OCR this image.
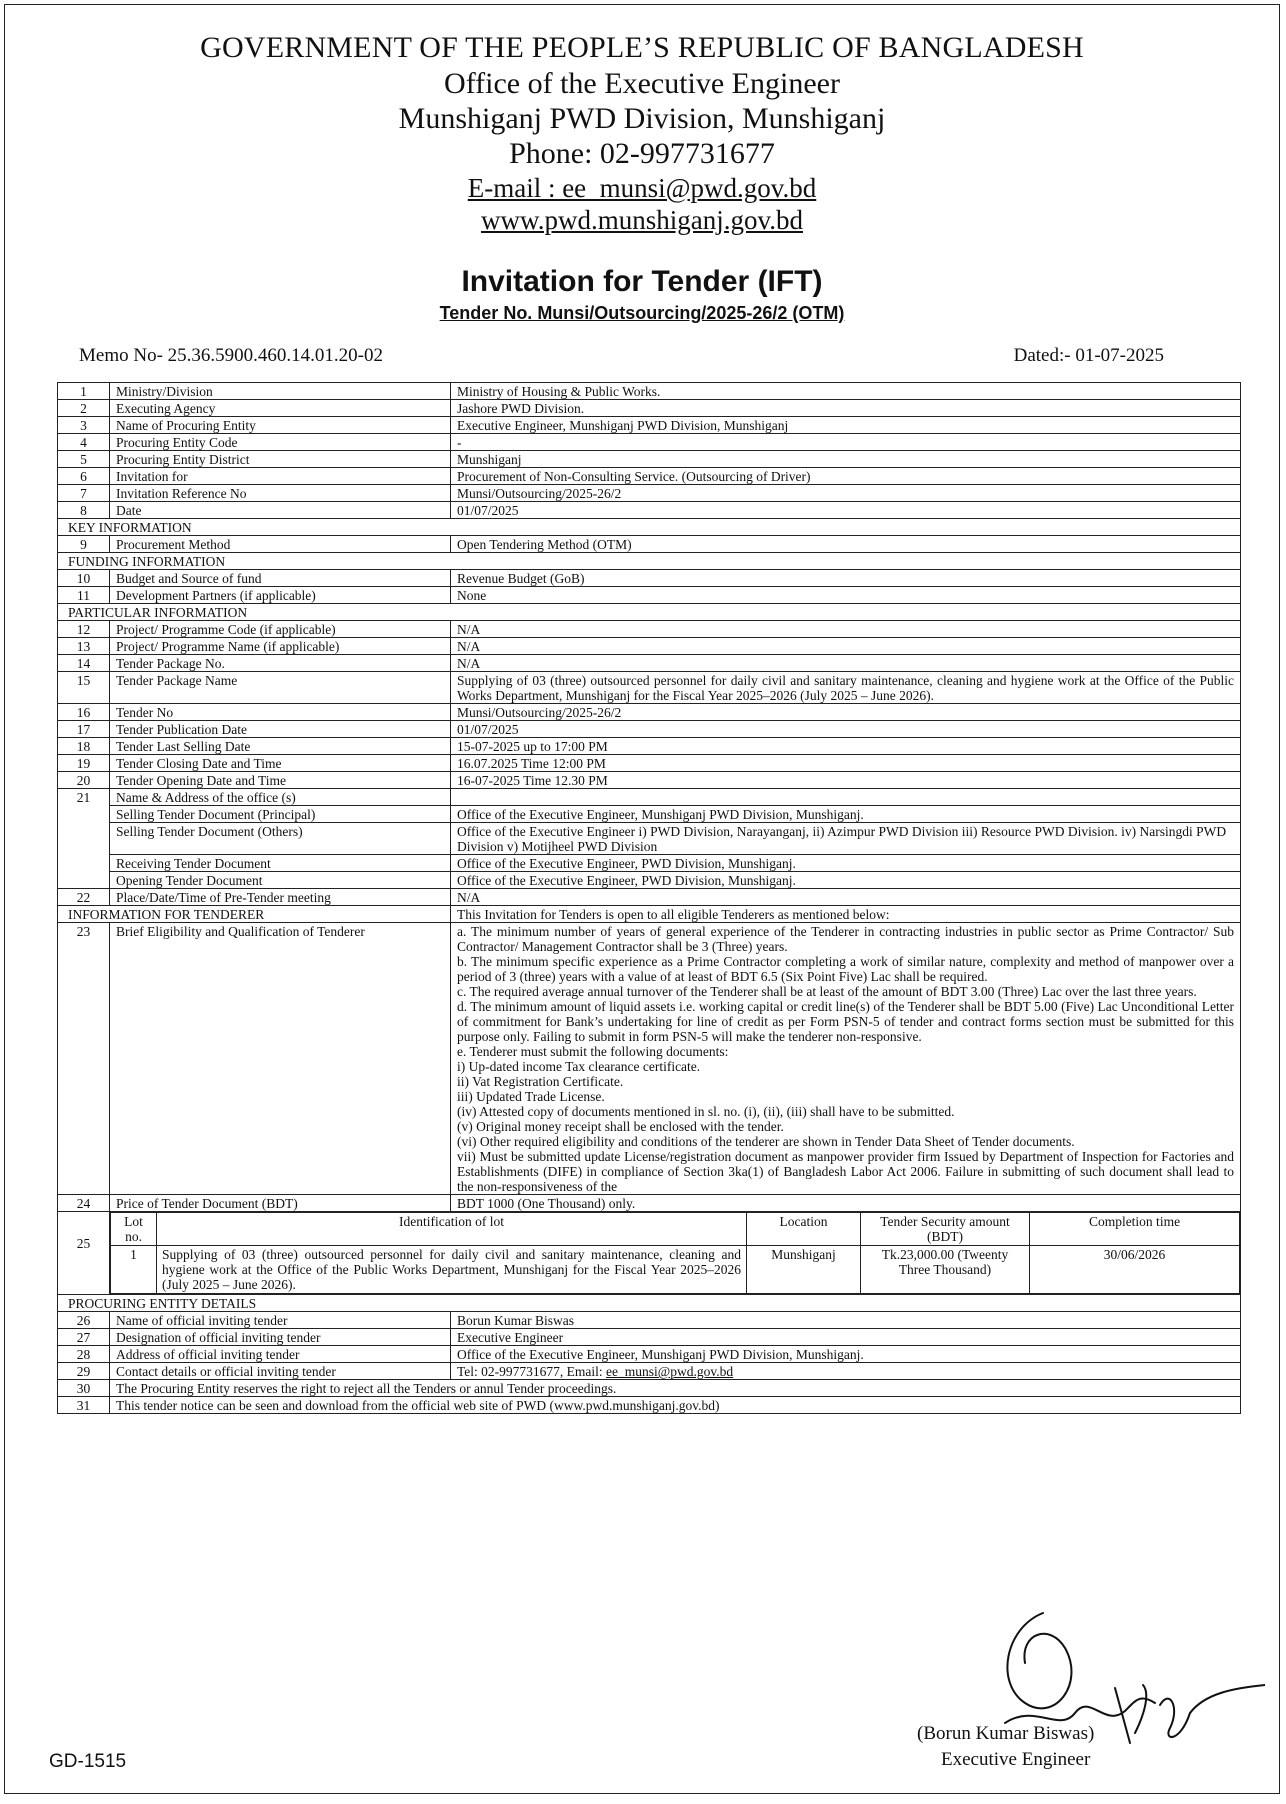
GOVERNMENT OF THE PEOPLE’S REPUBLIC OF BANGLADESH
Office of the Executive Engineer
Munshiganj PWD Division, Munshiganj
Phone: 02-997731677
E-mail : ee_munsi@pwd.gov.bd
www.pwd.munshiganj.gov.bd
Invitation for Tender (IFT)
Tender No. Munsi/Outsourcing/2025-26/2 (OTM)
Memo No- 25.36.5900.460.14.01.20-02	Dated:- 01-07-2025
1	Ministry/Division	Ministry of Housing & Public Works.
2	Executing Agency	Jashore PWD Division.
3	Name of Procuring Entity	Executive Engineer, Munshiganj PWD Division, Munshiganj
4	Procuring Entity Code	-
5	Procuring Entity District	Munshiganj
6	Invitation for	Procurement of Non-Consulting Service. (Outsourcing of Driver)
7	Invitation Reference No	Munsi/Outsourcing/2025-26/2
8	Date	01/07/2025
KEY INFORMATION
9	Procurement Method	Open Tendering Method (OTM)
FUNDING INFORMATION
10	Budget and Source of fund	Revenue Budget (GoB)
11	Development Partners (if applicable)	None
PARTICULAR INFORMATION
12	Project/ Programme Code (if applicable)	N/A
13	Project/ Programme Name (if applicable)	N/A
14	Tender Package No.	N/A
15	Tender Package Name	Supplying of 03 (three) outsourced personnel for daily civil and sanitary maintenance, cleaning and hygiene work at the Office of the Public Works Department, Munshiganj for the Fiscal Year 2025–2026 (July 2025 – June 2026).
16	Tender No	Munsi/Outsourcing/2025-26/2
17	Tender Publication Date	01/07/2025
18	Tender Last Selling Date	15-07-2025 up to 17:00 PM
19	Tender Closing Date and Time	16.07.2025 Time 12:00 PM
20	Tender Opening Date and Time	16-07-2025 Time 12.30 PM
21	Name & Address of the office (s)	
Selling Tender Document (Principal)	Office of the Executive Engineer, Munshiganj PWD Division, Munshiganj.
Selling Tender Document (Others)	Office of the Executive Engineer i) PWD Division, Narayanganj, ii) Azimpur PWD Division iii) Resource PWD Division. iv) Narsingdi PWD Division v) Motijheel PWD Division
Receiving Tender Document	Office of the Executive Engineer, PWD Division, Munshiganj.
Opening Tender Document	Office of the Executive Engineer, PWD Division, Munshiganj.
22	Place/Date/Time of Pre-Tender meeting	N/A
INFORMATION FOR TENDERER	This Invitation for Tenders is open to all eligible Tenderers as mentioned below:
23	Brief Eligibility and Qualification of Tenderer	a. The minimum number of years of general experience of the Tenderer in contracting industries in public sector as Prime Contractor/ Sub Contractor/ Management Contractor shall be 3 (Three) years.
b. The minimum specific experience as a Prime Contractor completing a work of similar nature, complexity and method of manpower over a period of 3 (three) years with a value of at least of BDT 6.5 (Six Point Five) Lac shall be required.
c. The required average annual turnover of the Tenderer shall be at least of the amount of BDT 3.00 (Three) Lac over the last three years.
d. The minimum amount of liquid assets i.e. working capital or credit line(s) of the Tenderer shall be BDT 5.00 (Five) Lac Unconditional Letter of commitment for Bank’s undertaking for line of credit as per Form PSN-5 of tender and contract forms section must be submitted for this purpose only. Failing to submit in form PSN-5 will make the tenderer non-responsive.
e. Tenderer must submit the following documents:
i) Up-dated income Tax clearance certificate.
ii) Vat Registration Certificate.
iii) Updated Trade License.
(iv) Attested copy of documents mentioned in sl. no. (i), (ii), (iii) shall have to be submitted.
(v) Original money receipt shall be enclosed with the tender.
(vi) Other required eligibility and conditions of the tenderer are shown in Tender Data Sheet of Tender documents.
vii) Must be submitted update License/registration document as manpower provider firm Issued by Department of Inspection for Factories and Establishments (DIFE) in compliance of Section 3ka(1) of Bangladesh Labor Act 2006. Failure in submitting of such document shall lead to the non-responsiveness of the

24	Price of Tender Document (BDT)	BDT 1000 (One Thousand) only.
25	
Lot no.	Identification of lot	Location	Tender Security amount (BDT)	Completion time
1	Supplying of 03 (three) outsourced personnel for daily civil and sanitary maintenance, cleaning and hygiene work at the Office of the Public Works Department, Munshiganj for the Fiscal Year 2025–2026 (July 2025 – June 2026).	Munshiganj	Tk.23,000.00 (Tweenty Three Thousand)	30/06/2026

PROCURING ENTITY DETAILS
26	Name of official inviting tender	Borun Kumar Biswas
27	Designation of official inviting tender	Executive Engineer
28	Address of official inviting tender	Office of the Executive Engineer, Munshiganj PWD Division, Munshiganj.
29	Contact details or official inviting tender	Tel: 02-997731677, Email: ee_munsi@pwd.gov.bd
30	The Procuring Entity reserves the right to reject all the Tenders or annul Tender proceedings.
31	This tender notice can be seen and download from the official web site of PWD (www.pwd.munshiganj.gov.bd)
(Borun Kumar Biswas)
Executive Engineer
GD-1515
